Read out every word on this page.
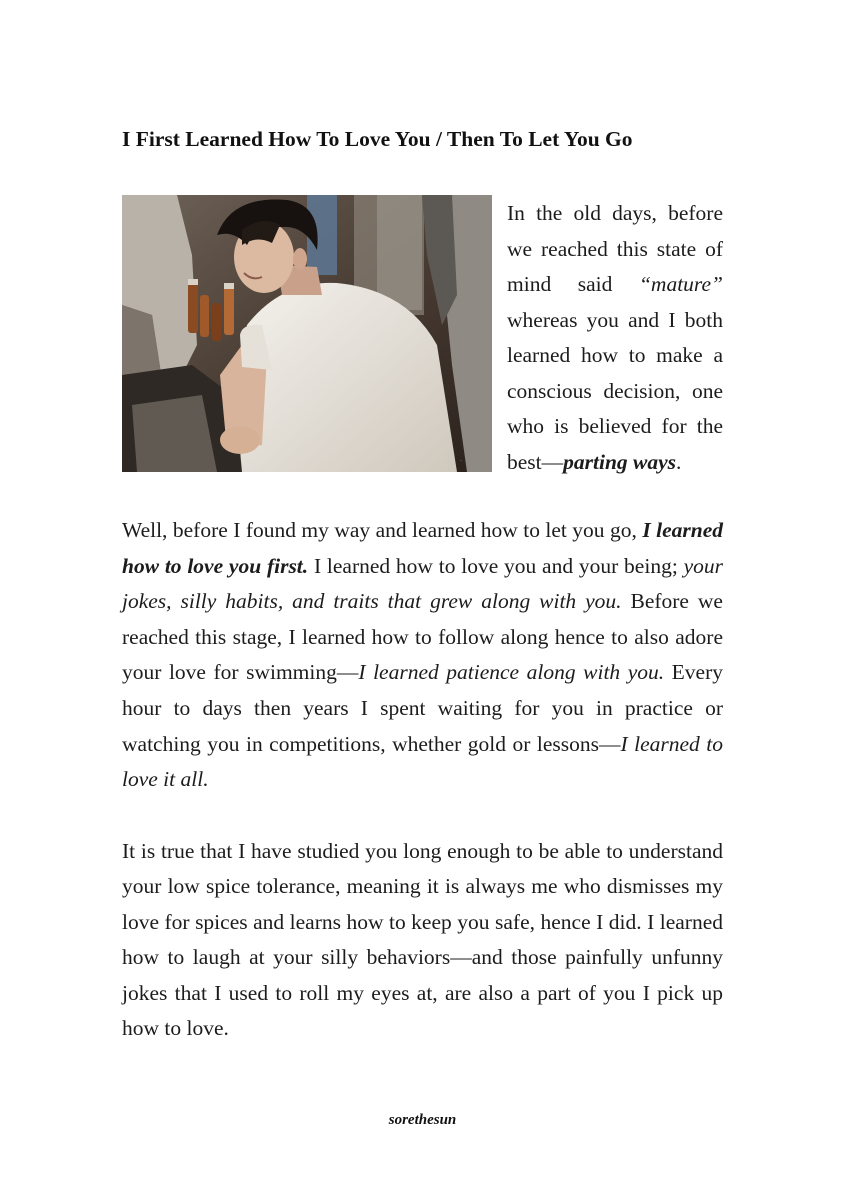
I First Learned How To Love You / Then To Let You Go
·

In the old days, before we reached this state of mind said “mature” whereas you and I both learned how to make a conscious decision, one who is believed for the best—parting ways.

Well, before I found my way and learned how to let you go, I learned how to love you first. I learned how to love you and your being; your jokes, silly habits, and traits that grew along with you. Before we reached this stage, I learned how to follow along hence to also adore your love for swimming—I learned patience along with you. Every hour to days then years I spent waiting for you in practice or watching you in competitions, whether gold or lessons—I learned to love it all.

It is true that I have studied you long enough to be able to understand your low spice tolerance, meaning it is always me who dismisses my love for spices and learns how to keep you safe, hence I did. I learned how to laugh at your silly behaviors—and those painfully unfunny jokes that I used to roll my eyes at, are also a part of you I pick up how to love.

sorethesun
